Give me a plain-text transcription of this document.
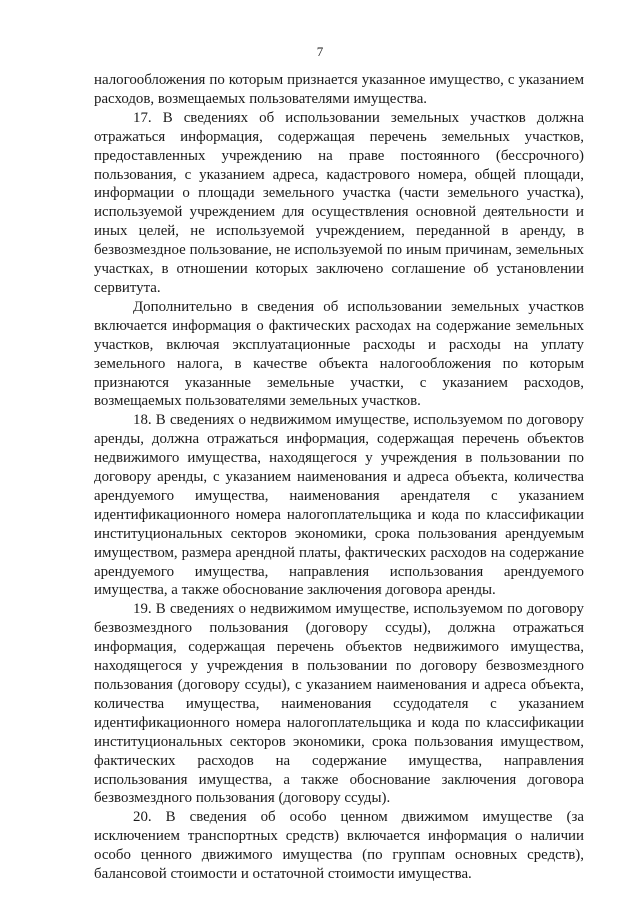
7

налогообложения по которым признается указанное имущество, с указанием расходов, возмещаемых пользователями имущества.

17. В сведениях об использовании земельных участков должна отражаться информация, содержащая перечень земельных участков, предоставленных учреждению на праве постоянного (бессрочного) пользования, с указанием адреса, кадастрового номера, общей площади, информации о площади земельного участка (части земельного участка), используемой учреждением для осуществления основной деятельности и иных целей, не используемой учреждением, переданной в аренду, в безвозмездное пользование, не используемой по иным причинам, земельных участках, в отношении которых заключено соглашение об установлении сервитута.

Дополнительно в сведения об использовании земельных участков включается информация о фактических расходах на содержание земельных участков, включая эксплуатационные расходы и расходы на уплату земельного налога, в качестве объекта налогообложения по которым признаются указанные земельные участки, с указанием расходов, возмещаемых пользователями земельных участков.

18. В сведениях о недвижимом имуществе, используемом по договору аренды, должна отражаться информация, содержащая перечень объектов недвижимого имущества, находящегося у учреждения в пользовании по договору аренды, с указанием наименования и адреса объекта, количества арендуемого имущества, наименования арендателя с указанием идентификационного номера налогоплательщика и кода по классификации институциональных секторов экономики, срока пользования арендуемым имуществом, размера арендной платы, фактических расходов на содержание арендуемого имущества, направления использования арендуемого имущества, а также обоснование заключения договора аренды.

19. В сведениях о недвижимом имуществе, используемом по договору безвозмездного пользования (договору ссуды), должна отражаться информация, содержащая перечень объектов недвижимого имущества, находящегося у учреждения в пользовании по договору безвозмездного пользования (договору ссуды), с указанием наименования и адреса объекта, количества имущества, наименования ссудодателя с указанием идентификационного номера налогоплательщика и кода по классификации институциональных секторов экономики, срока пользования имуществом, фактических расходов на содержание имущества, направления использования имущества, а также обоснование заключения договора безвозмездного пользования (договору ссуды).

20. В сведения об особо ценном движимом имуществе (за исключением транспортных средств) включается информация о наличии особо ценного движимого имущества (по группам основных средств), балансовой стоимости и остаточной стоимости имущества.
